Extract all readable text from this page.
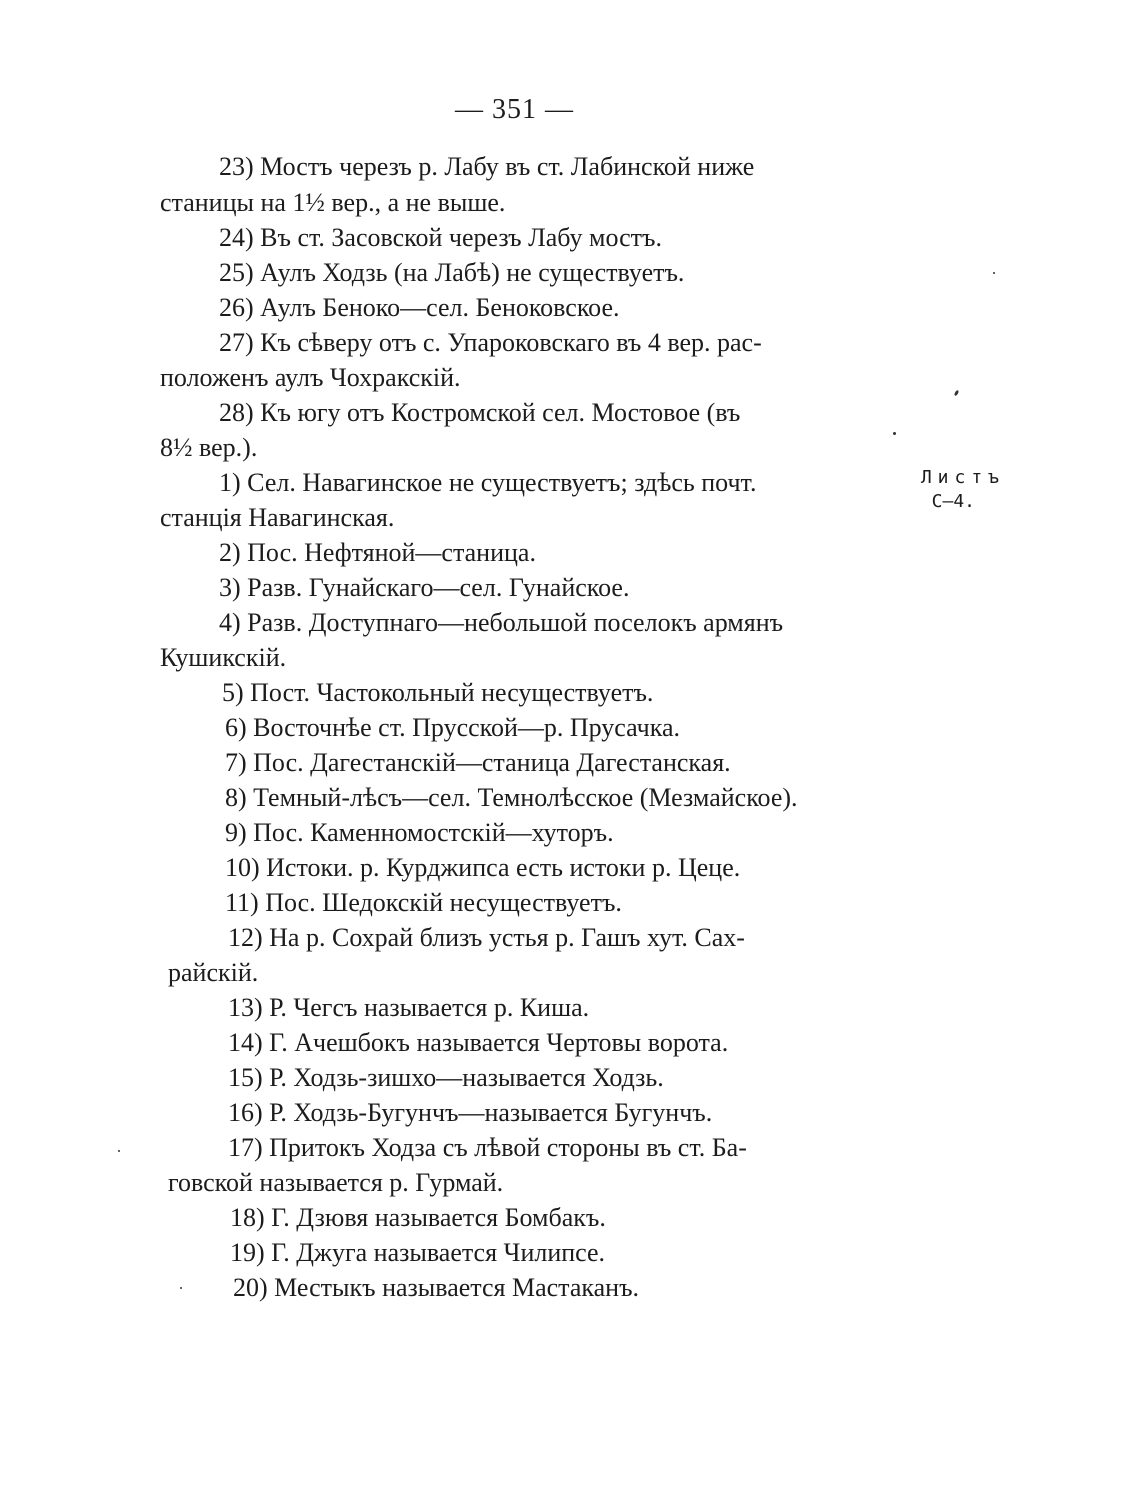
— 351 —
23) Мостъ черезъ р. Лабу въ ст. Лабинской ниже
станицы на 1½ вер., а не выше.
24) Въ ст. Засовской черезъ Лабу мостъ.
25) Аулъ Ходзь (на Лабѣ) не существуетъ.
26) Аулъ Беноко—сел. Беноковское.
27) Къ сѣверу отъ с. Упароковскаго въ 4 вер. рас-
положенъ аулъ Чохракскій.
28) Къ югу отъ Костромской сел. Мостовое (въ
8½ вер.).
1) Сел. Навагинское не существуетъ; здѣсь почт.
станція Навагинская.
2) Пос. Нефтяной—станица.
3) Разв. Гунайскаго—сел. Гунайское.
4) Разв. Доступнаго—небольшой поселокъ армянъ
Кушикскій.
5) Пост. Частокольный несуществуетъ.
6) Восточнѣе ст. Прусской—р. Прусачка.
7) Пос. Дагестанскій—станица Дагестанская.
8) Темный-лѣсъ—сел. Темнолѣсское (Мезмайское).
9) Пос. Каменномостскій—хуторъ.
10) Истоки. р. Курджипса есть истоки р. Цеце.
11) Пос. Шедокскій несуществуетъ.
12) На р. Сохрай близъ устья р. Гашъ хут. Сах-
райскій.
13) Р. Чегсъ называется р. Киша.
14) Г. Ачешбокъ называется Чертовы ворота.
15) Р. Ходзь-зишхо—называется Ходзь.
16) Р. Ходзь-Бугунчъ—называется Бугунчъ.
17) Притокъ Ходза съ лѣвой стороны въ ст. Ба-
говской называется р. Гурмай.
18) Г. Дзювя называется Бомбакъ.
19) Г. Джуга называется Чилипсе.
20) Местыкъ называется Мастаканъ.
Листъ
С—4.
